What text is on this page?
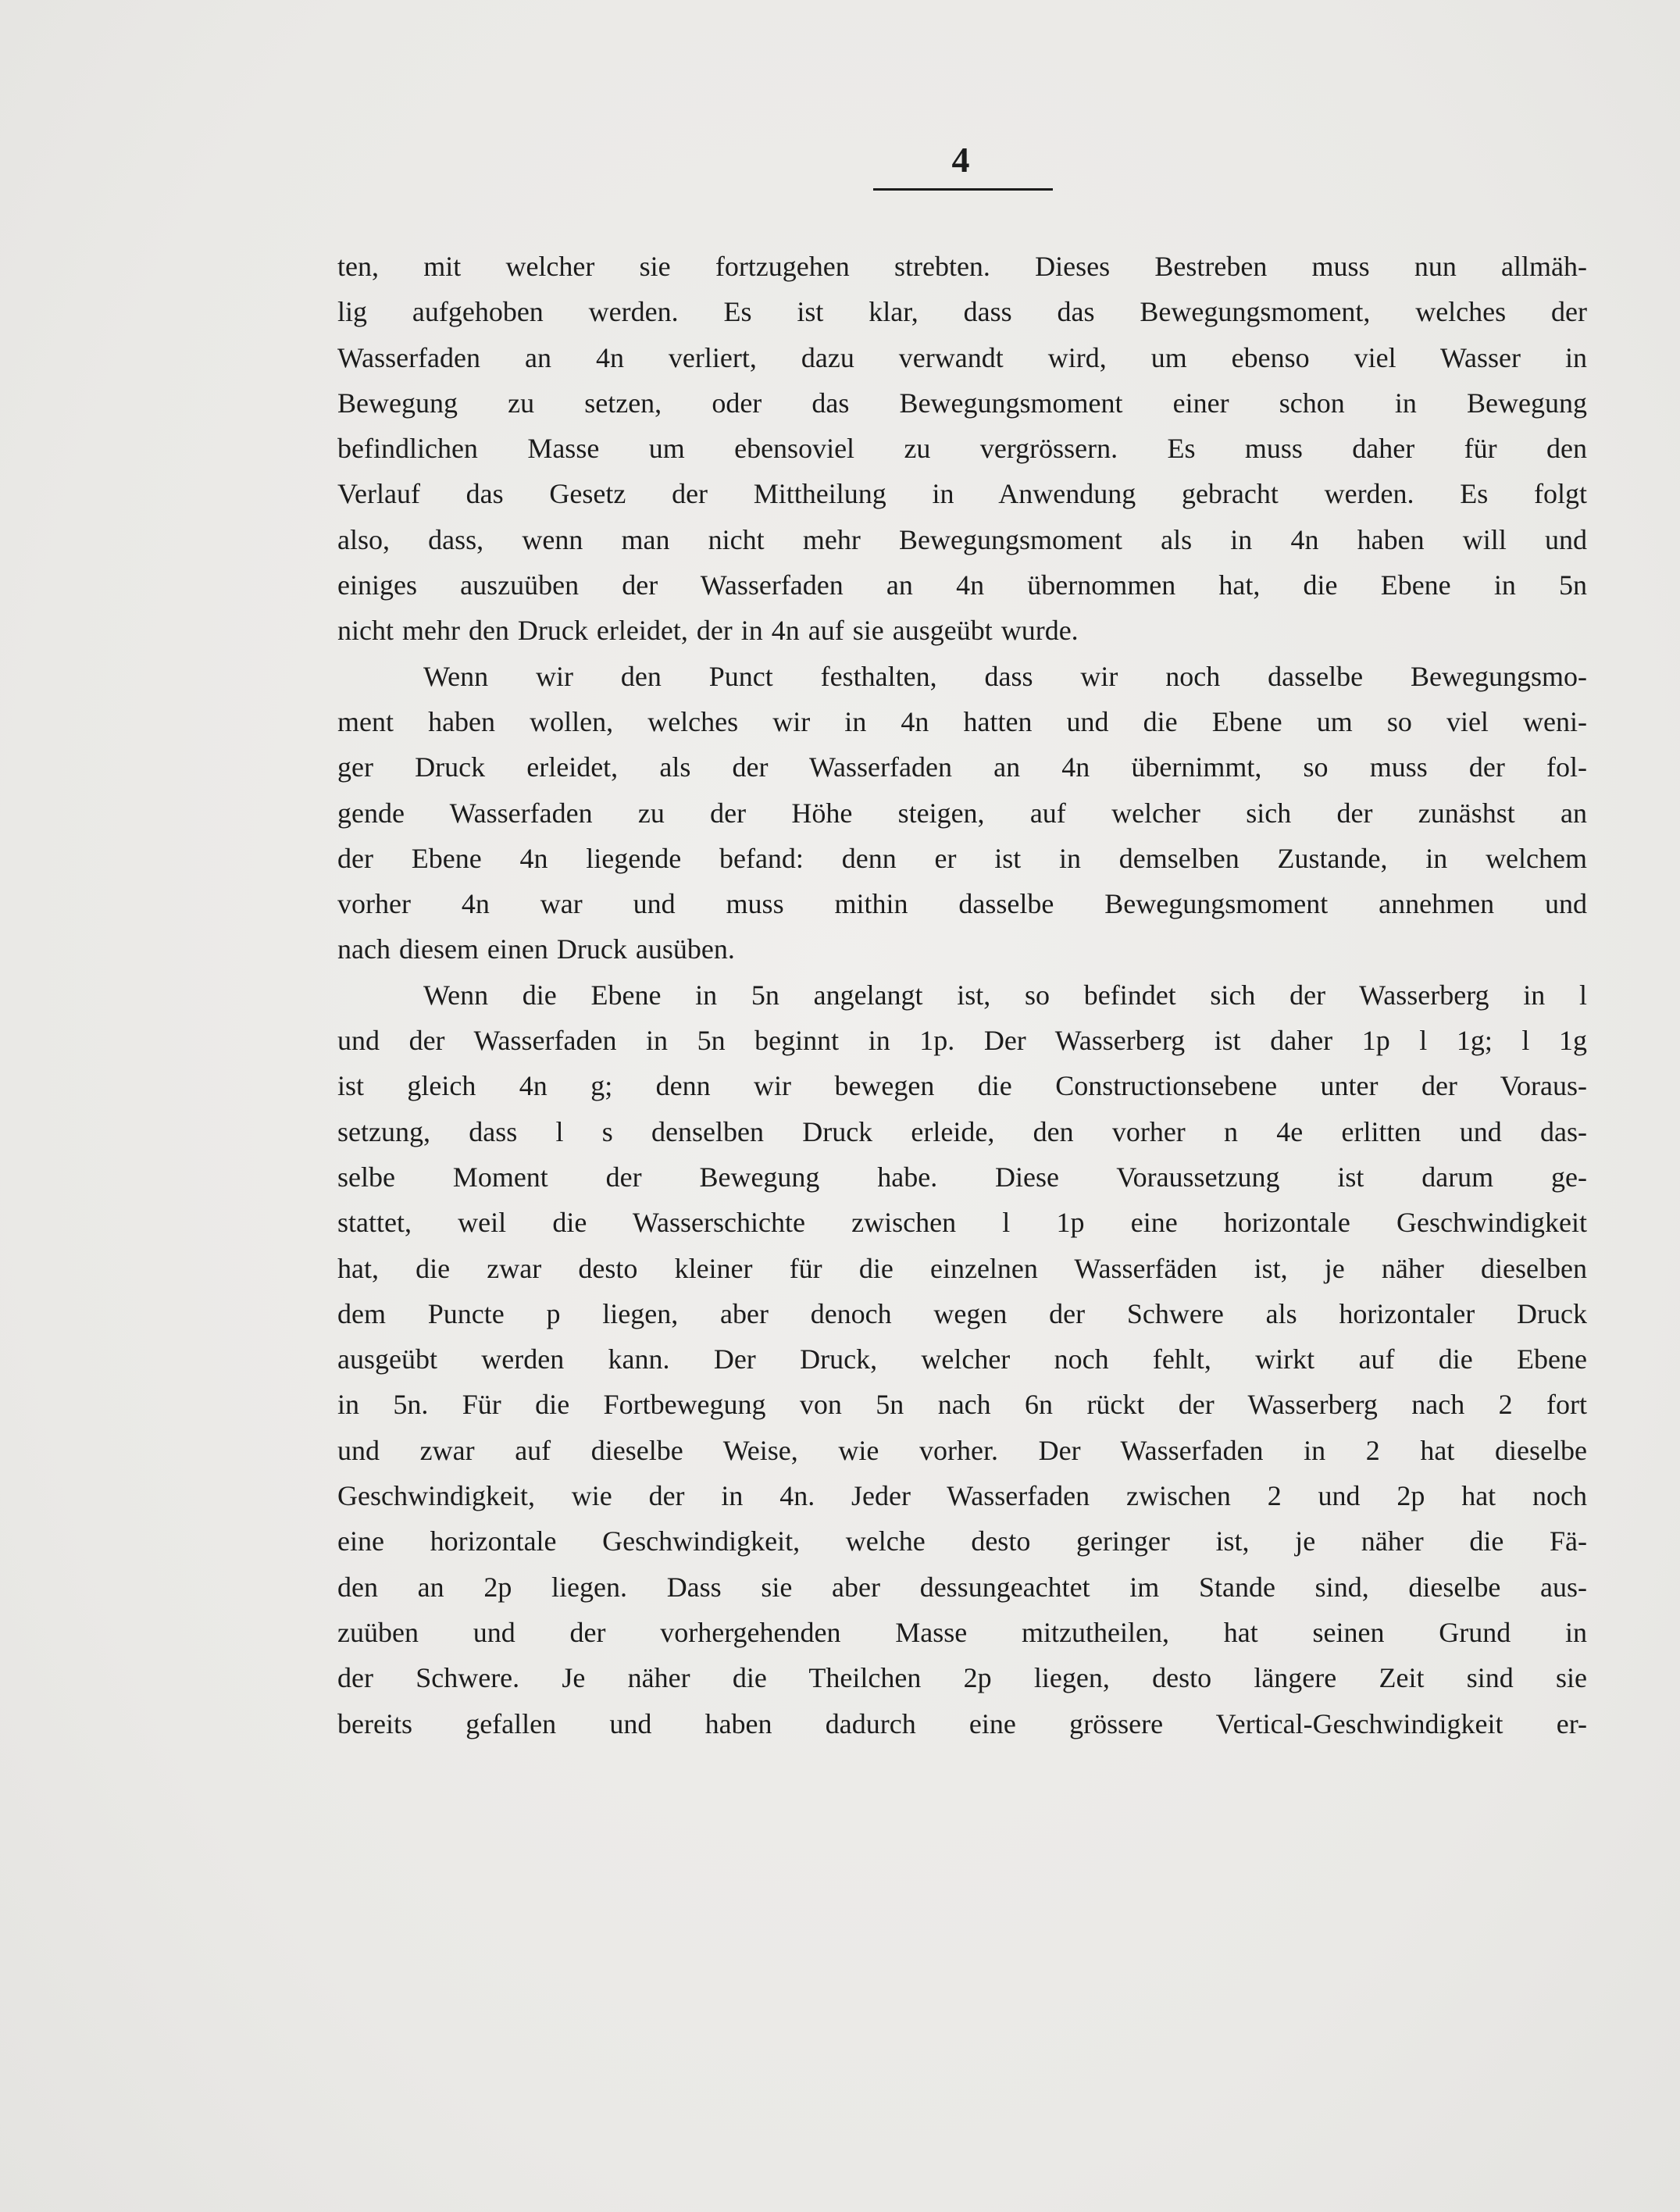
4
ten, mit welcher sie fortzugehen strebten. Dieses Bestreben muss nun allmäh-
lig aufgehoben werden. Es ist klar, dass das Bewegungsmoment, welches der
Wasserfaden an 4n verliert, dazu verwandt wird, um ebenso viel Wasser in
Bewegung zu setzen, oder das Bewegungsmoment einer schon in Bewegung
befindlichen Masse um ebensoviel zu vergrössern. Es muss daher für den
Verlauf das Gesetz der Mittheilung in Anwendung gebracht werden. Es folgt
also, dass, wenn man nicht mehr Bewegungsmoment als in 4n haben will und
einiges auszuüben der Wasserfaden an 4n übernommen hat, die Ebene in 5n
nicht mehr den Druck erleidet, der in 4n auf sie ausgeübt wurde.
Wenn wir den Punct festhalten, dass wir noch dasselbe Bewegungsmo-
ment haben wollen, welches wir in 4n hatten und die Ebene um so viel weni-
ger Druck erleidet, als der Wasserfaden an 4n übernimmt, so muss der fol-
gende Wasserfaden zu der Höhe steigen, auf welcher sich der zunäshst an
der Ebene 4n liegende befand: denn er ist in demselben Zustande, in welchem
vorher 4n war und muss mithin dasselbe Bewegungsmoment annehmen und
nach diesem einen Druck ausüben.
Wenn die Ebene in 5n angelangt ist, so befindet sich der Wasserberg in l
und der Wasserfaden in 5n beginnt in 1p. Der Wasserberg ist daher 1p l 1g; l 1g
ist gleich 4n g; denn wir bewegen die Constructionsebene unter der Voraus-
setzung, dass l s denselben Druck erleide, den vorher n 4e erlitten und das-
selbe Moment der Bewegung habe. Diese Voraussetzung ist darum ge-
stattet, weil die Wasserschichte zwischen l 1p eine horizontale Geschwindigkeit
hat, die zwar desto kleiner für die einzelnen Wasserfäden ist, je näher dieselben
dem Puncte p liegen, aber denoch wegen der Schwere als horizontaler Druck
ausgeübt werden kann. Der Druck, welcher noch fehlt, wirkt auf die Ebene
in 5n. Für die Fortbewegung von 5n nach 6n rückt der Wasserberg nach 2 fort
und zwar auf dieselbe Weise, wie vorher. Der Wasserfaden in 2 hat dieselbe
Geschwindigkeit, wie der in 4n. Jeder Wasserfaden zwischen 2 und 2p hat noch
eine horizontale Geschwindigkeit, welche desto geringer ist, je näher die Fä-
den an 2p liegen. Dass sie aber dessungeachtet im Stande sind, dieselbe aus-
zuüben und der vorhergehenden Masse mitzutheilen, hat seinen Grund in
der Schwere. Je näher die Theilchen 2p liegen, desto längere Zeit sind sie
bereits gefallen und haben dadurch eine grössere Vertical-Geschwindigkeit er-
